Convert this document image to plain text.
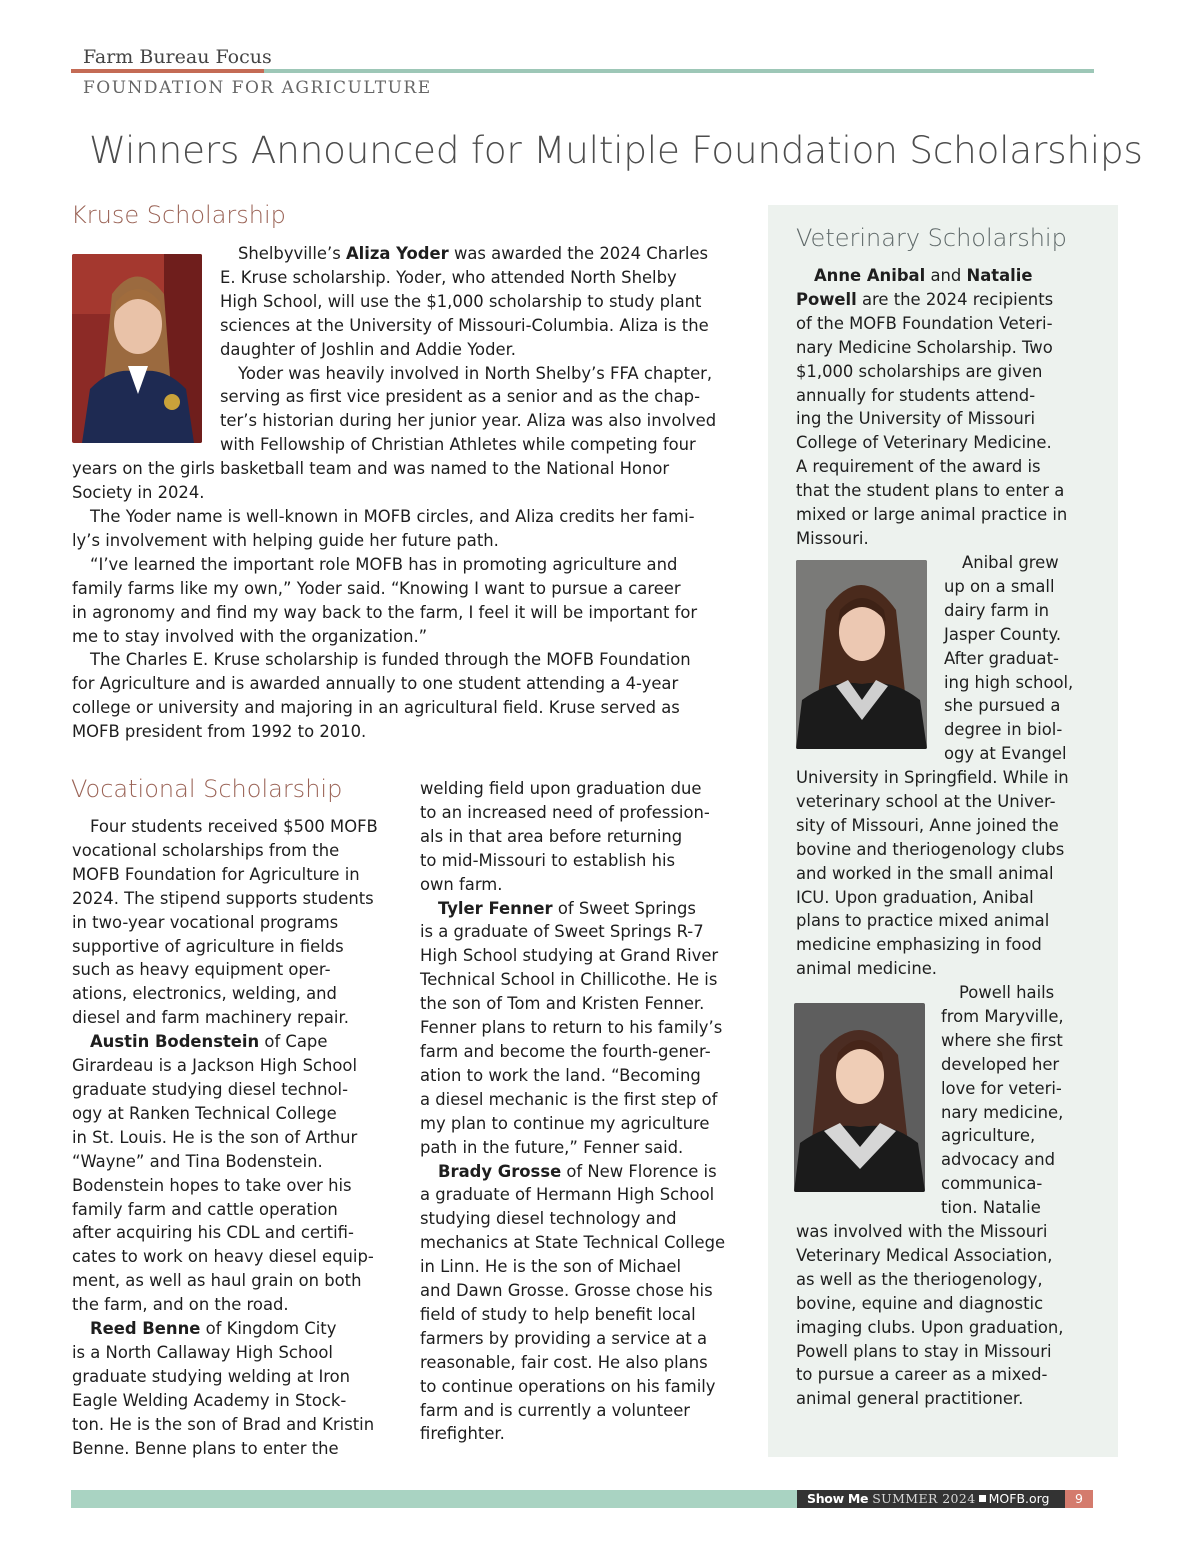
Farm Bureau Focus
FOUNDATION FOR AGRICULTURE
Winners Announced for Multiple Foundation Scholarships
Kruse Scholarship
Shelbyville’s Aliza Yoder was awarded the 2024 Charles
E. Kruse scholarship. Yoder, who attended North Shelby
High School, will use the $1,000 scholarship to study plant
sciences at the University of Missouri-Columbia. Aliza is the
daughter of Joshlin and Addie Yoder.
Yoder was heavily involved in North Shelby’s FFA chapter,
serving as first vice president as a senior and as the chap-
ter’s historian during her junior year. Aliza was also involved
with Fellowship of Christian Athletes while competing four
years on the girls basketball team and was named to the National Honor
Society in 2024.
The Yoder name is well-known in MOFB circles, and Aliza credits her fami-
ly’s involvement with helping guide her future path.
“I’ve learned the important role MOFB has in promoting agriculture and
family farms like my own,” Yoder said. “Knowing I want to pursue a career
in agronomy and find my way back to the farm, I feel it will be important for
me to stay involved with the organization.”
The Charles E. Kruse scholarship is funded through the MOFB Foundation
for Agriculture and is awarded annually to one student attending a 4-year
college or university and majoring in an agricultural field. Kruse served as
MOFB president from 1992 to 2010.
Vocational Scholarship
Four students received $500 MOFB
vocational scholarships from the
MOFB Foundation for Agriculture in
2024. The stipend supports students
in two-year vocational programs
supportive of agriculture in fields
such as heavy equipment oper-
ations, electronics, welding, and
diesel and farm machinery repair.
Austin Bodenstein of Cape
Girardeau is a Jackson High School
graduate studying diesel technol-
ogy at Ranken Technical College
in St. Louis. He is the son of Arthur
“Wayne” and Tina Bodenstein.
Bodenstein hopes to take over his
family farm and cattle operation
after acquiring his CDL and certifi-
cates to work on heavy diesel equip-
ment, as well as haul grain on both
the farm, and on the road.
Reed Benne of Kingdom City
is a North Callaway High School
graduate studying welding at Iron
Eagle Welding Academy in Stock-
ton. He is the son of Brad and Kristin
Benne. Benne plans to enter the
welding field upon graduation due
to an increased need of profession-
als in that area before returning
to mid-Missouri to establish his
own farm.
Tyler Fenner of Sweet Springs
is a graduate of Sweet Springs R-7
High School studying at Grand River
Technical School in Chillicothe. He is
the son of Tom and Kristen Fenner.
Fenner plans to return to his family’s
farm and become the fourth-gener-
ation to work the land. “Becoming
a diesel mechanic is the first step of
my plan to continue my agriculture
path in the future,” Fenner said.
Brady Grosse of New Florence is
a graduate of Hermann High School
studying diesel technology and
mechanics at State Technical College
in Linn. He is the son of Michael
and Dawn Grosse. Grosse chose his
field of study to help benefit local
farmers by providing a service at a
reasonable, fair cost. He also plans
to continue operations on his family
farm and is currently a volunteer
firefighter.
Veterinary Scholarship
Anne Anibal and Natalie
Powell are the 2024 recipients
of the MOFB Foundation Veteri-
nary Medicine Scholarship. Two
$1,000 scholarships are given
annually for students attend-
ing the University of Missouri
College of Veterinary Medicine.
A requirement of the award is
that the student plans to enter a
mixed or large animal practice in
Missouri.
Anibal grew
up on a small
dairy farm in
Jasper County.
After graduat-
ing high school,
she pursued a
degree in biol-
ogy at Evangel
University in Springfield. While in
veterinary school at the Univer-
sity of Missouri, Anne joined the
bovine and theriogenology clubs
and worked in the small animal
ICU. Upon graduation, Anibal
plans to practice mixed animal
medicine emphasizing in food
animal medicine.
Powell hails
from Maryville,
where she first
developed her
love for veteri-
nary medicine,
agriculture,
advocacy and
communica-
tion. Natalie
was involved with the Missouri
Veterinary Medical Association,
as well as the theriogenology,
bovine, equine and diagnostic
imaging clubs. Upon graduation,
Powell plans to stay in Missouri
to pursue a career as a mixed-
animal general practitioner.
Show Me SUMMER 2024 MOFB.org	9
